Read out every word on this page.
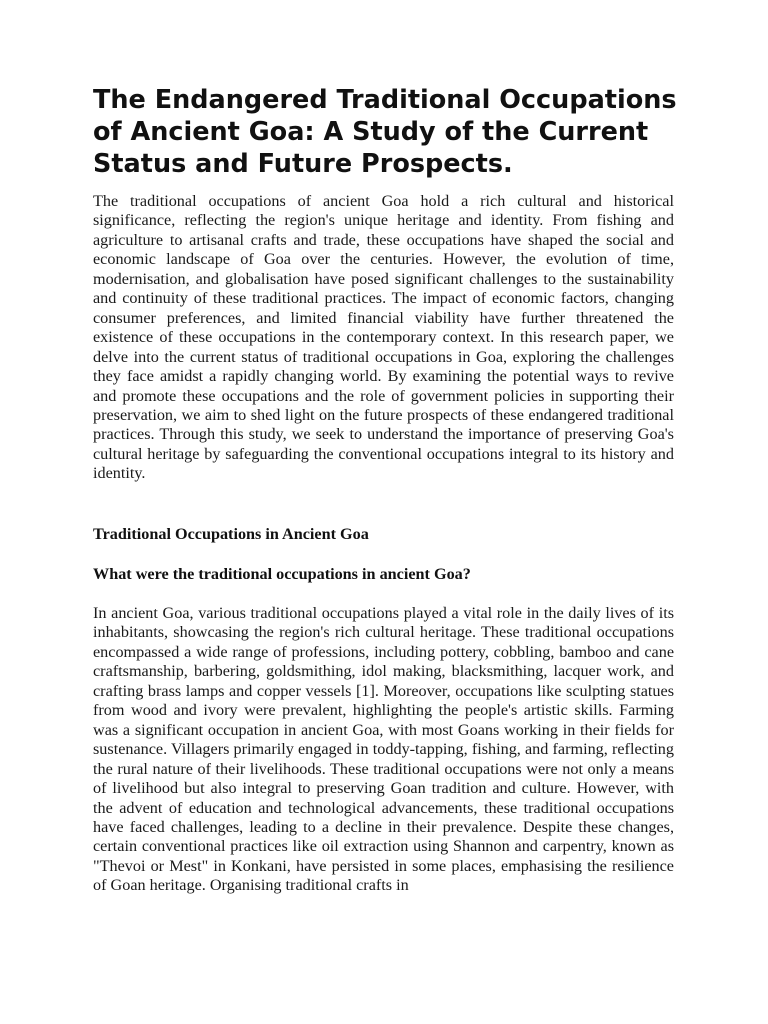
The Endangered Traditional Occupations of Ancient Goa: A Study of the Current Status and Future Prospects.

The traditional occupations of ancient Goa hold a rich cultural and historical significance, reflecting the region's unique heritage and identity. From fishing and agriculture to artisanal crafts and trade, these occupations have shaped the social and economic landscape of Goa over the centuries. However, the evolution of time, modernisation, and globalisation have posed significant challenges to the sustainability and continuity of these traditional practices. The impact of economic factors, changing consumer preferences, and limited financial viability have further threatened the existence of these occupations in the contemporary context. In this research paper, we delve into the current status of traditional occupations in Goa, exploring the challenges they face amidst a rapidly changing world. By examining the potential ways to revive and promote these occupations and the role of government policies in supporting their preservation, we aim to shed light on the future prospects of these endangered traditional practices. Through this study, we seek to understand the importance of preserving Goa's cultural heritage by safeguarding the conventional occupations integral to its history and identity.

Traditional Occupations in Ancient Goa

What were the traditional occupations in ancient Goa?

In ancient Goa, various traditional occupations played a vital role in the daily lives of its inhabitants, showcasing the region's rich cultural heritage. These traditional occupations encompassed a wide range of professions, including pottery, cobbling, bamboo and cane craftsmanship, barbering, goldsmithing, idol making, blacksmithing, lacquer work, and crafting brass lamps and copper vessels [1]. Moreover, occupations like sculpting statues from wood and ivory were prevalent, highlighting the people's artistic skills. Farming was a significant occupation in ancient Goa, with most Goans working in their fields for sustenance. Villagers primarily engaged in toddy-tapping, fishing, and farming, reflecting the rural nature of their livelihoods. These traditional occupations were not only a means of livelihood but also integral to preserving Goan tradition and culture. However, with the advent of education and technological advancements, these traditional occupations have faced challenges, leading to a decline in their prevalence. Despite these changes, certain conventional practices like oil extraction using Shannon and carpentry, known as "Thevoi or Mest" in Konkani, have persisted in some places, emphasising the resilience of Goan heritage. Organising traditional crafts in
